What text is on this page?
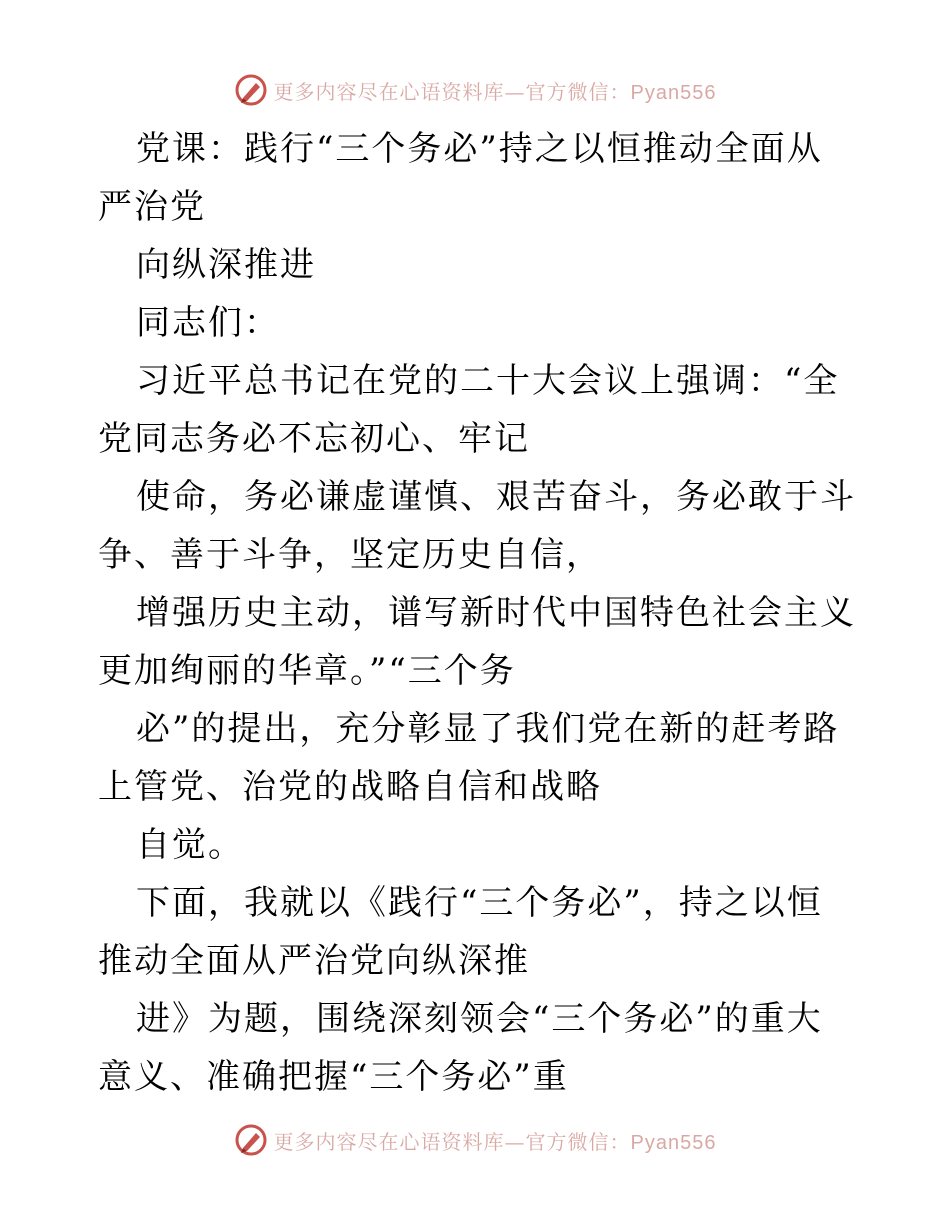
更多内容尽在心语资料库—官方微信：Pyan556

党课：践行“三个务必”持之以恒推动全面从严治党

向纵深推进

同志们：

习近平总书记在党的二十大会议上强调：“全党同志务必不忘初心、牢记

使命，务必谦虚谨慎、艰苦奋斗，务必敢于斗争、善于斗争，坚定历史自信，

增强历史主动，谱写新时代中国特色社会主义更加绚丽的华章。”“三个务

必”的提出，充分彰显了我们党在新的赶考路上管党、治党的战略自信和战略

自觉。

下面，我就以《践行“三个务必”，持之以恒推动全面从严治党向纵深推

进》为题，围绕深刻领会“三个务必”的重大意义、准确把握“三个务必”重

更多内容尽在心语资料库—官方微信：Pyan556
